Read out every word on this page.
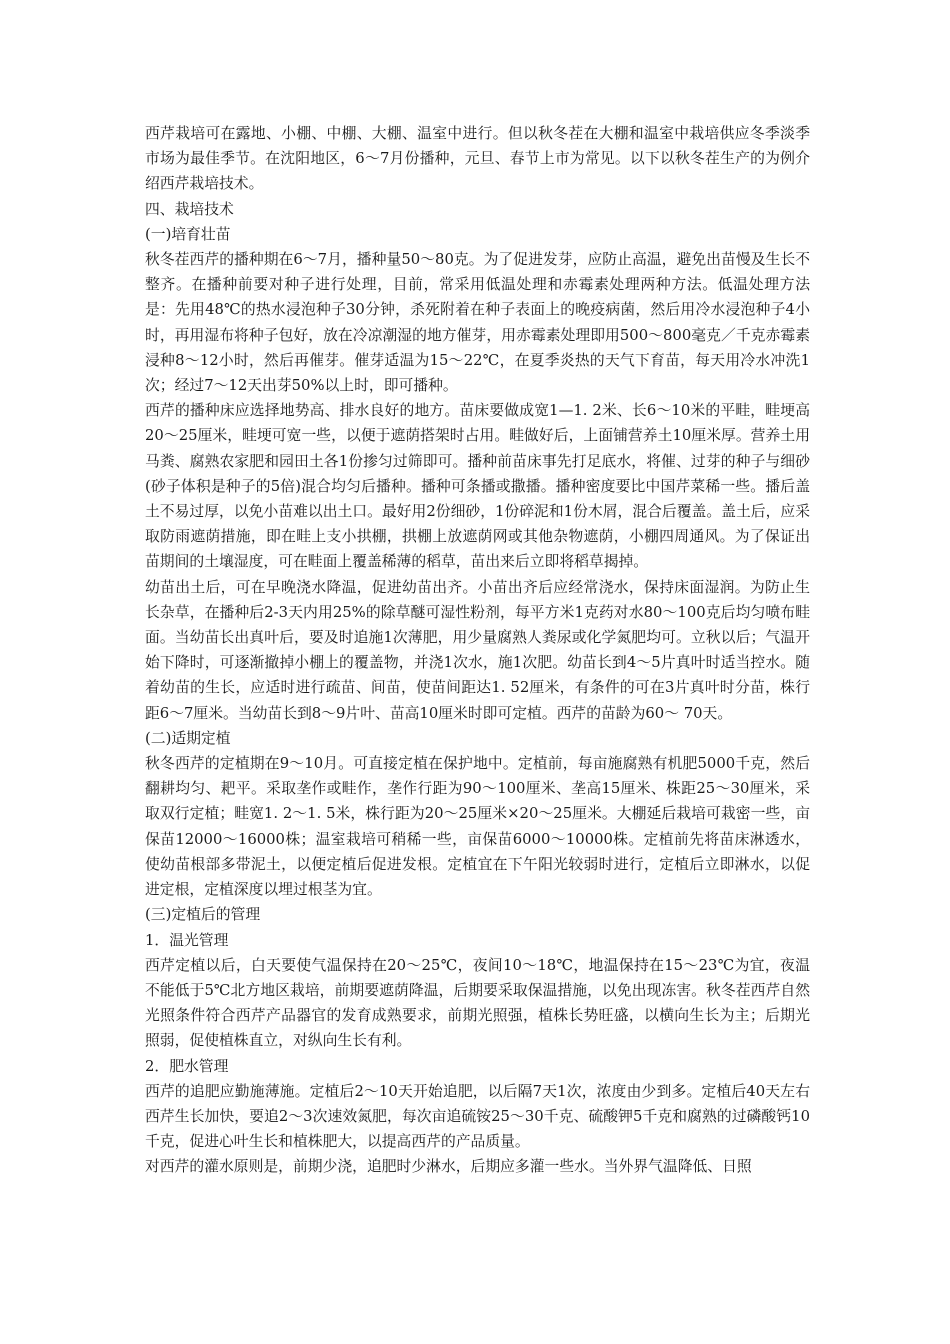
西芹栽培可在露地、小棚、中棚、大棚、温室中进行。但以秋冬茬在大棚和温室中栽培供应冬季淡季市场为最佳季节。在沈阳地区，6～7月份播种，元旦、春节上市为常见。以下以秋冬茬生产的为例介绍西芹栽培技术。

四、栽培技术

(一)培育壮苗

秋冬茬西芹的播种期在6～7月，播种量50～80克。为了促进发芽，应防止高温，避免出苗慢及生长不整齐。在播种前要对种子进行处理，目前，常采用低温处理和赤霉素处理两种方法。低温处理方法是：先用48℃的热水浸泡种子30分钟，杀死附着在种子表面上的晚疫病菌，然后用冷水浸泡种子4小时，再用湿布将种子包好，放在冷凉潮湿的地方催芽，用赤霉素处理即用500～800毫克／千克赤霉素浸种8～12小时，然后再催芽。催芽适温为15～22℃，在夏季炎热的天气下育苗，每天用冷水冲洗1次；经过7～12天出芽50%以上时，即可播种。

西芹的播种床应选择地势高、排水良好的地方。苗床要做成宽1—1. 2米、长6～10米的平畦，畦埂高20～25厘米，畦埂可宽一些，以便于遮荫搭架时占用。畦做好后，上面铺营养土10厘米厚。营养土用马粪、腐熟农家肥和园田土各1份掺匀过筛即可。播种前苗床事先打足底水，将催、过芽的种子与细砂(砂子体积是种子的5倍)混合均匀后播种。播种可条播或撒播。播种密度要比中国芹菜稀一些。播后盖土不易过厚，以免小苗难以出土口。最好用2份细砂，1份碎泥和1份木屑，混合后覆盖。盖土后，应采取防雨遮荫措施，即在畦上支小拱棚，拱棚上放遮荫网或其他杂物遮荫，小棚四周通风。为了保证出苗期间的土壤湿度，可在畦面上覆盖稀薄的稻草，苗出来后立即将稻草揭掉。

幼苗出土后，可在早晚浇水降温，促进幼苗出齐。小苗出齐后应经常浇水，保持床面湿润。为防止生长杂草，在播种后2-3天内用25%的除草醚可湿性粉剂，每平方米1克药对水80～100克后均匀喷布畦面。当幼苗长出真叶后，要及时追施1次薄肥，用少量腐熟人粪尿或化学氮肥均可。立秋以后；气温开始下降时，可逐渐撤掉小棚上的覆盖物，并浇1次水，施1次肥。幼苗长到4～5片真叶时适当控水。随着幼苗的生长，应适时进行疏苗、间苗，使苗间距达1. 52厘米，有条件的可在3片真叶时分苗，株行距6～7厘米。当幼苗长到8～9片叶、苗高10厘米时即可定植。西芹的苗龄为60～ 70天。

(二)适期定植

秋冬西芹的定植期在9～10月。可直接定植在保护地中。定植前，每亩施腐熟有机肥5000千克，然后翻耕均匀、耙平。采取垄作或畦作，垄作行距为90～100厘米、垄高15厘米、株距25～30厘米，采取双行定植；畦宽1. 2～1. 5米，株行距为20～25厘米×20～25厘米。大棚延后栽培可栽密一些，亩保苗12000～16000株；温室栽培可稍稀一些，亩保苗6000～10000株。定植前先将苗床淋透水，使幼苗根部多带泥土，以便定植后促进发根。定植宜在下午阳光较弱时进行，定植后立即淋水，以促进定根，定植深度以埋过根茎为宜。

(三)定植后的管理

1．温光管理

西芹定植以后，白天要使气温保持在20～25℃，夜间10～18℃，地温保持在15～23℃为宜，夜温不能低于5℃北方地区栽培，前期要遮荫降温，后期要采取保温措施，以免出现冻害。秋冬茬西芹自然光照条件符合西芹产品器官的发育成熟要求，前期光照强，植株长势旺盛，以横向生长为主；后期光照弱，促使植株直立，对纵向生长有利。

2．肥水管理

西芹的追肥应勤施薄施。定植后2～10天开始追肥，以后隔7天1次，浓度由少到多。定植后40天左右西芹生长加快，要追2～3次速效氮肥，每次亩追硫铵25～30千克、硫酸钾5千克和腐熟的过磷酸钙10千克，促进心叶生长和植株肥大，以提高西芹的产品质量。

对西芹的灌水原则是，前期少浇，追肥时少淋水，后期应多灌一些水。当外界气温降低、日照
